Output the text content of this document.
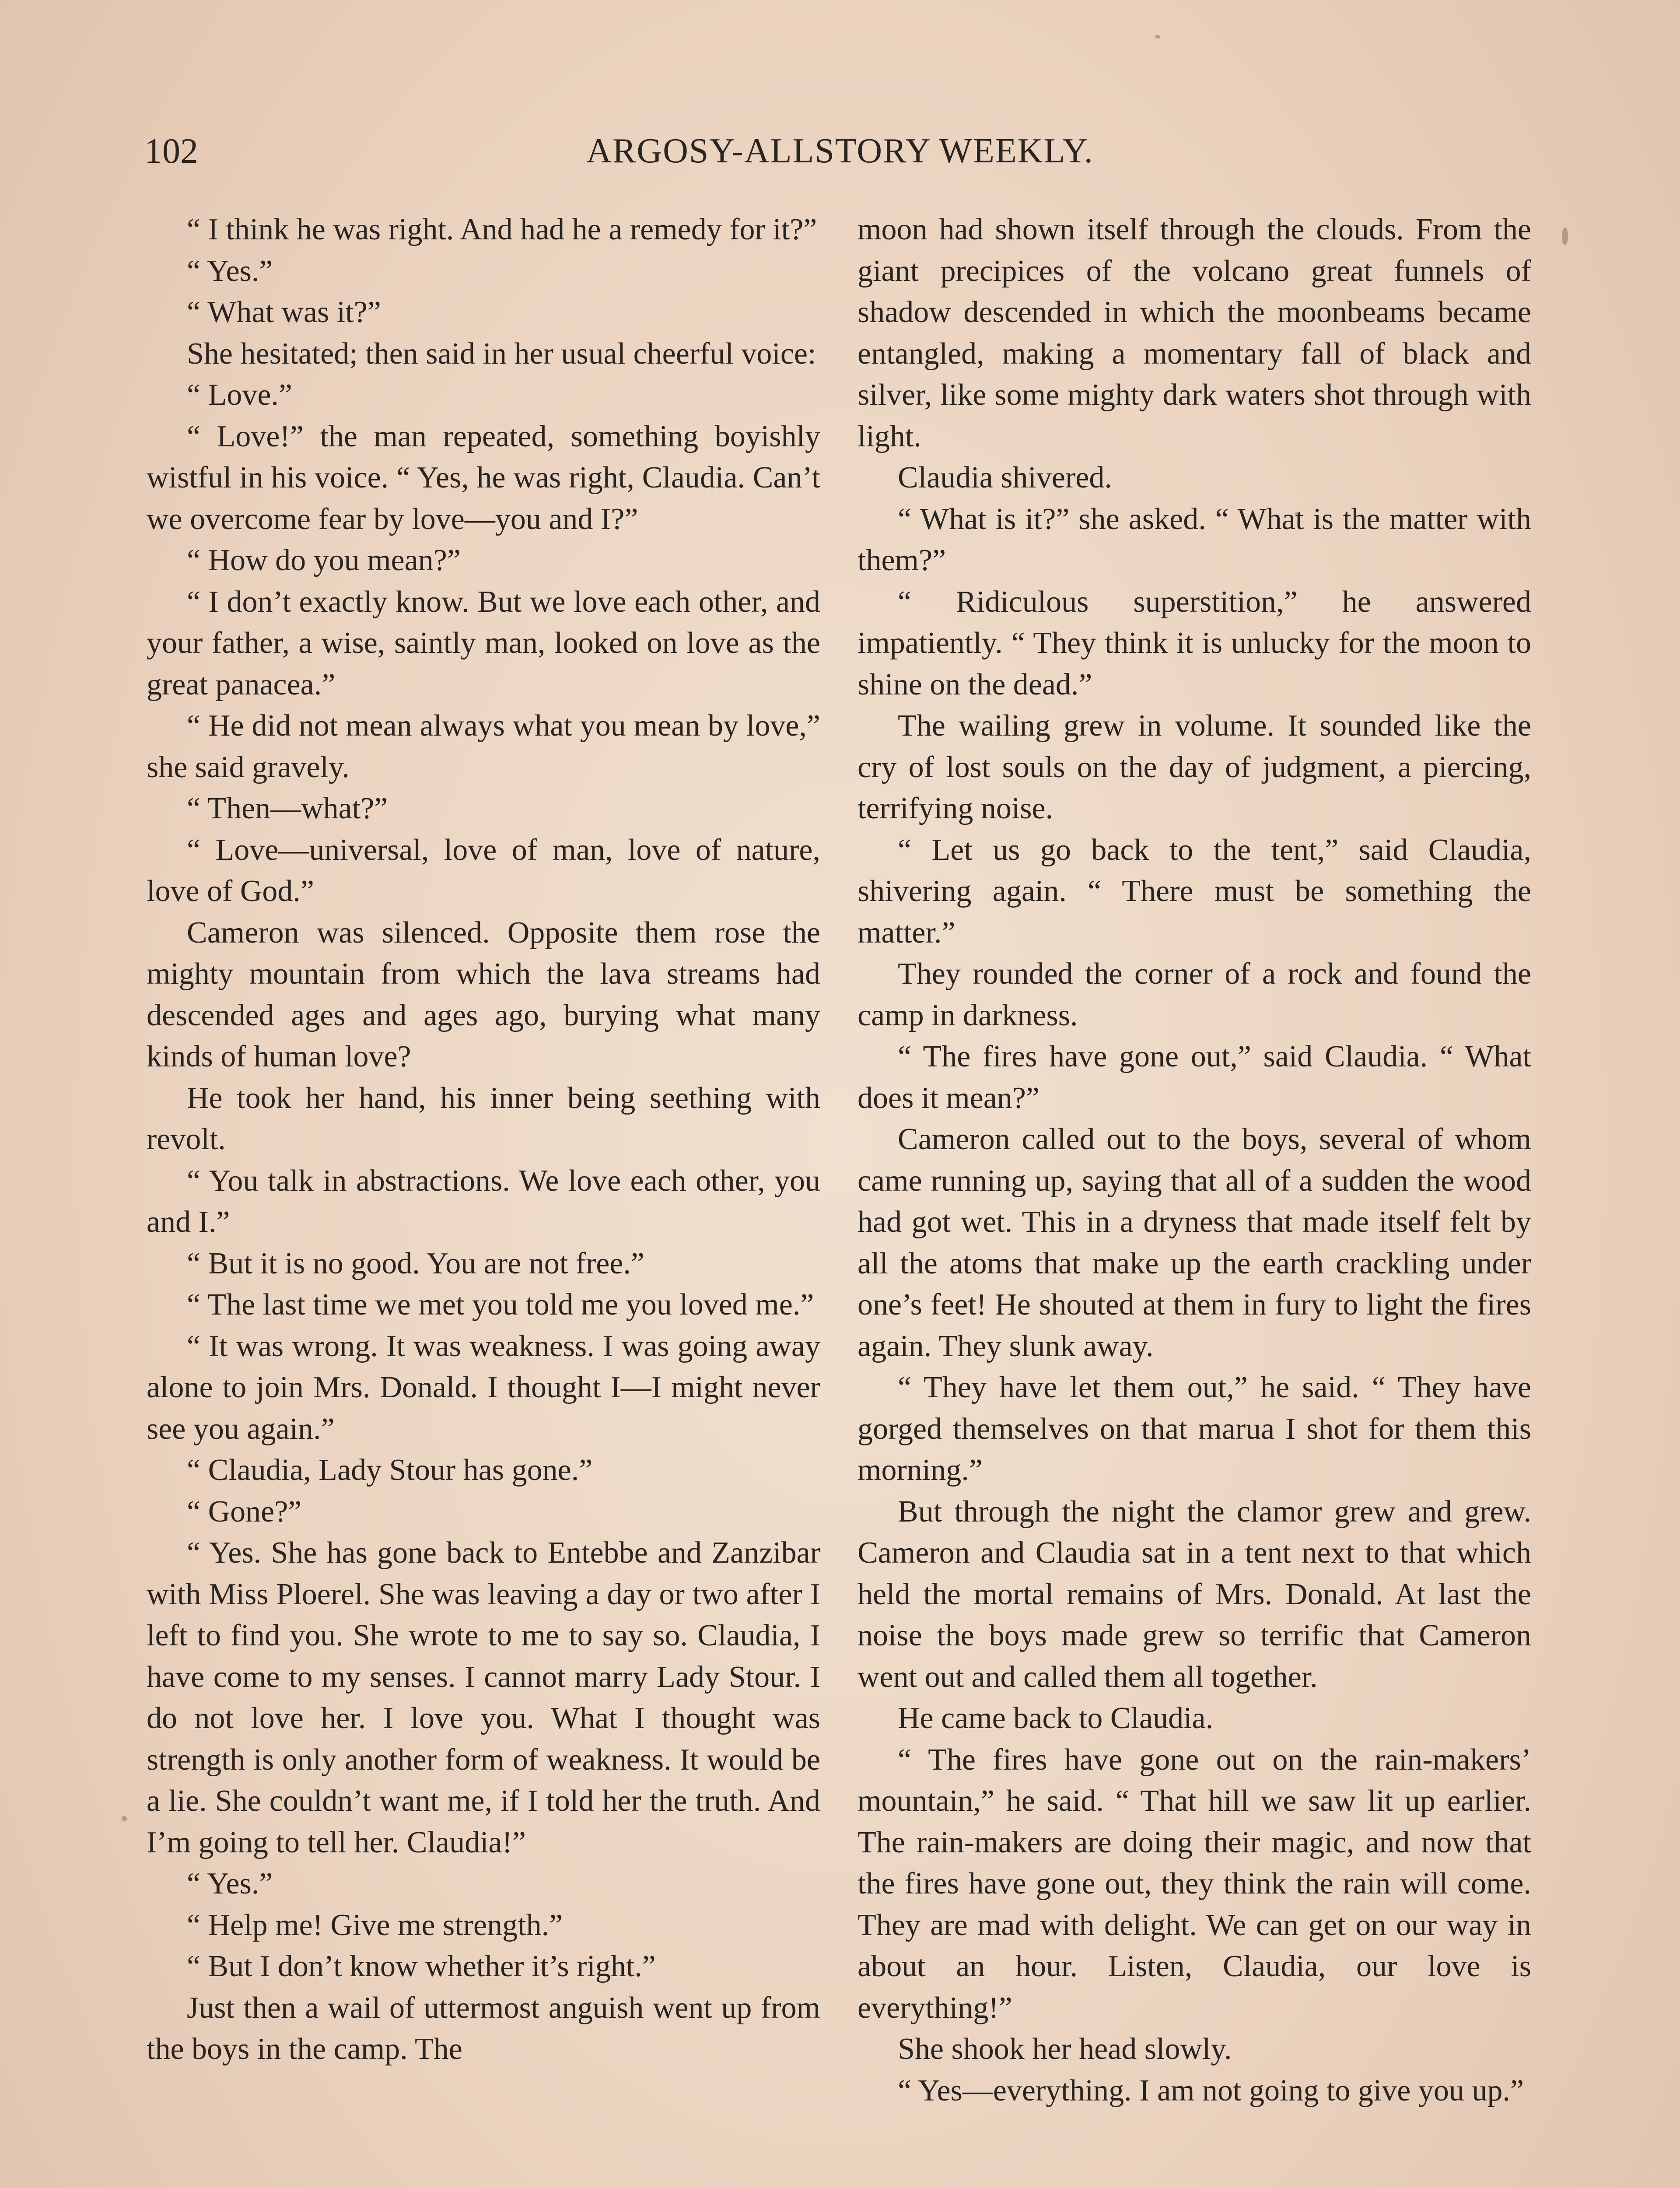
102	ARGOSY-ALLSTORY WEEKLY.

“ I think he was right. And had he a remedy for it?”

“ Yes.”

“ What was it?”

She hesitated; then said in her usual cheerful voice:

“ Love.”

“ Love!” the man repeated, something boyishly wistful in his voice. “ Yes, he was right, Claudia. Can’t we overcome fear by love—you and I?”

“ How do you mean?”

“ I don’t exactly know. But we love each other, and your father, a wise, saintly man, looked on love as the great panacea.”

“ He did not mean always what you mean by love,” she said gravely.

“ Then—what?”

“ Love—universal, love of man, love of nature, love of God.”

Cameron was silenced. Opposite them rose the mighty mountain from which the lava streams had descended ages and ages ago, burying what many kinds of human love?

He took her hand, his inner being seething with revolt.

“ You talk in abstractions. We love each other, you and I.”

“ But it is no good. You are not free.”

“ The last time we met you told me you loved me.”

“ It was wrong. It was weakness. I was going away alone to join Mrs. Donald. I thought I—I might never see you again.”

“ Claudia, Lady Stour has gone.”

“ Gone?”

“ Yes. She has gone back to Entebbe and Zanzibar with Miss Ploerel. She was leaving a day or two after I left to find you. She wrote to me to say so. Claudia, I have come to my senses. I cannot marry Lady Stour. I do not love her. I love you. What I thought was strength is only another form of weakness. It would be a lie. She couldn’t want me, if I told her the truth. And I’m going to tell her. Claudia!”

“ Yes.”

“ Help me! Give me strength.”

“ But I don’t know whether it’s right.”

Just then a wail of uttermost anguish went up from the boys in the camp. The

moon had shown itself through the clouds. From the giant precipices of the volcano great funnels of shadow descended in which the moonbeams became entangled, making a momentary fall of black and silver, like some mighty dark waters shot through with light.

Claudia shivered.

“ What is it?” she asked. “ What is the matter with them?”

“ Ridiculous superstition,” he answered impatiently. “ They think it is unlucky for the moon to shine on the dead.”

The wailing grew in volume. It sounded like the cry of lost souls on the day of judgment, a piercing, terrifying noise.

“ Let us go back to the tent,” said Claudia, shivering again. “ There must be something the matter.”

They rounded the corner of a rock and found the camp in darkness.

“ The fires have gone out,” said Claudia. “ What does it mean?”

Cameron called out to the boys, several of whom came running up, saying that all of a sudden the wood had got wet. This in a dryness that made itself felt by all the atoms that make up the earth crackling under one’s feet! He shouted at them in fury to light the fires again. They slunk away.

“ They have let them out,” he said. “ They have gorged themselves on that marua I shot for them this morning.”

But through the night the clamor grew and grew. Cameron and Claudia sat in a tent next to that which held the mortal remains of Mrs. Donald. At last the noise the boys made grew so terrific that Cameron went out and called them all together.

He came back to Claudia.

“ The fires have gone out on the rain-makers’ mountain,” he said. “ That hill we saw lit up earlier. The rain-makers are doing their magic, and now that the fires have gone out, they think the rain will come. They are mad with delight. We can get on our way in about an hour. Listen, Claudia, our love is everything!”

She shook her head slowly.

“ Yes—everything. I am not going to give you up.”
